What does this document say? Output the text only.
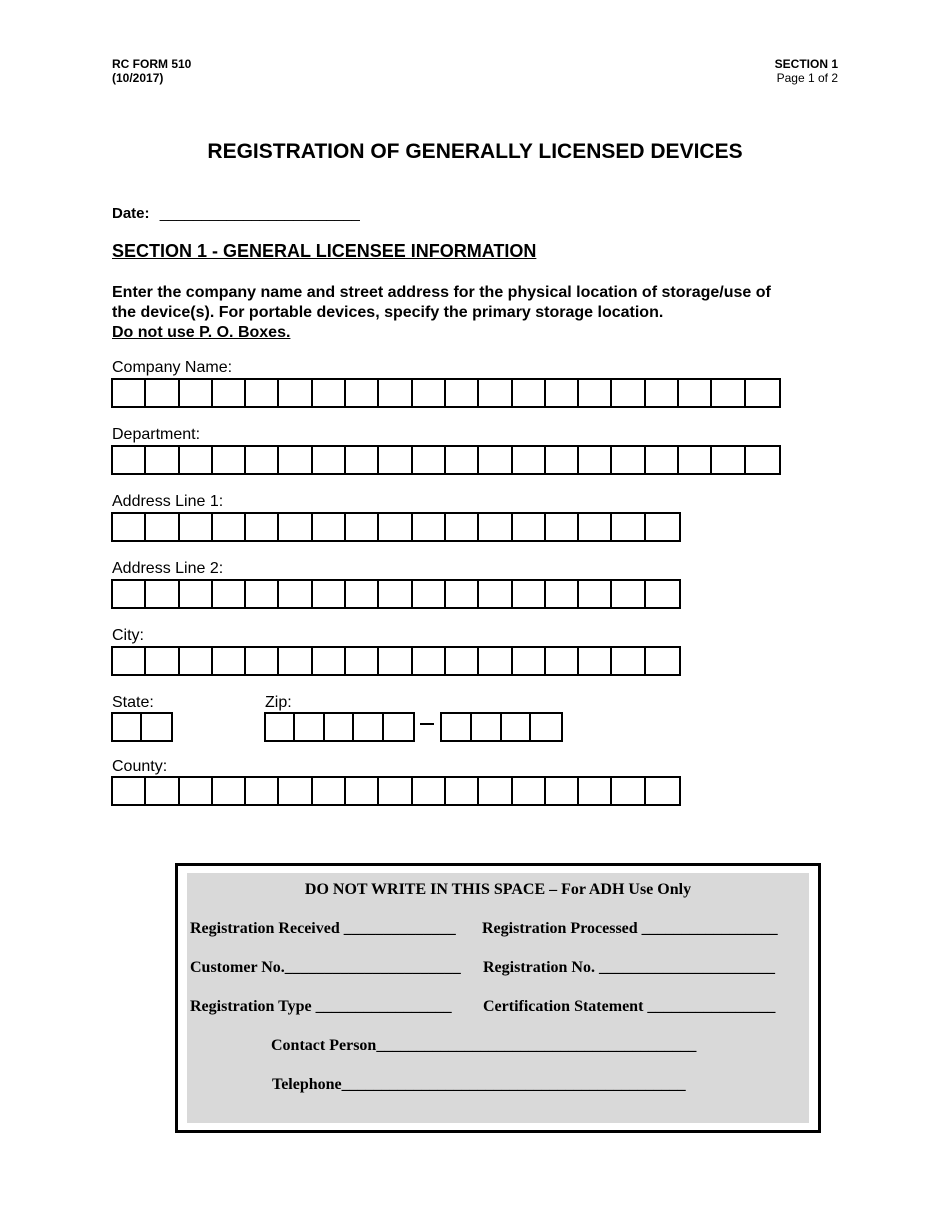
RC FORM 510
(10/2017)
SECTION 1
Page 1 of 2
REGISTRATION OF GENERALLY LICENSED DEVICES
Date: ________________________
SECTION 1 - GENERAL LICENSEE INFORMATION
Enter the company name and street address for the physical location of storage/use of
the device(s). For portable devices, specify the primary storage location.
Do not use P. O. Boxes.
Company Name:
Department:
Address Line 1:
Address Line 2:
City:
State:	Zip:
County:
DO NOT WRITE IN THIS SPACE – For ADH Use Only
Registration Received ______________ Registration Processed _________________
Customer No.______________________ Registration No. ______________________
Registration Type _________________ Certification Statement ________________
Contact Person________________________________________
Telephone___________________________________________
